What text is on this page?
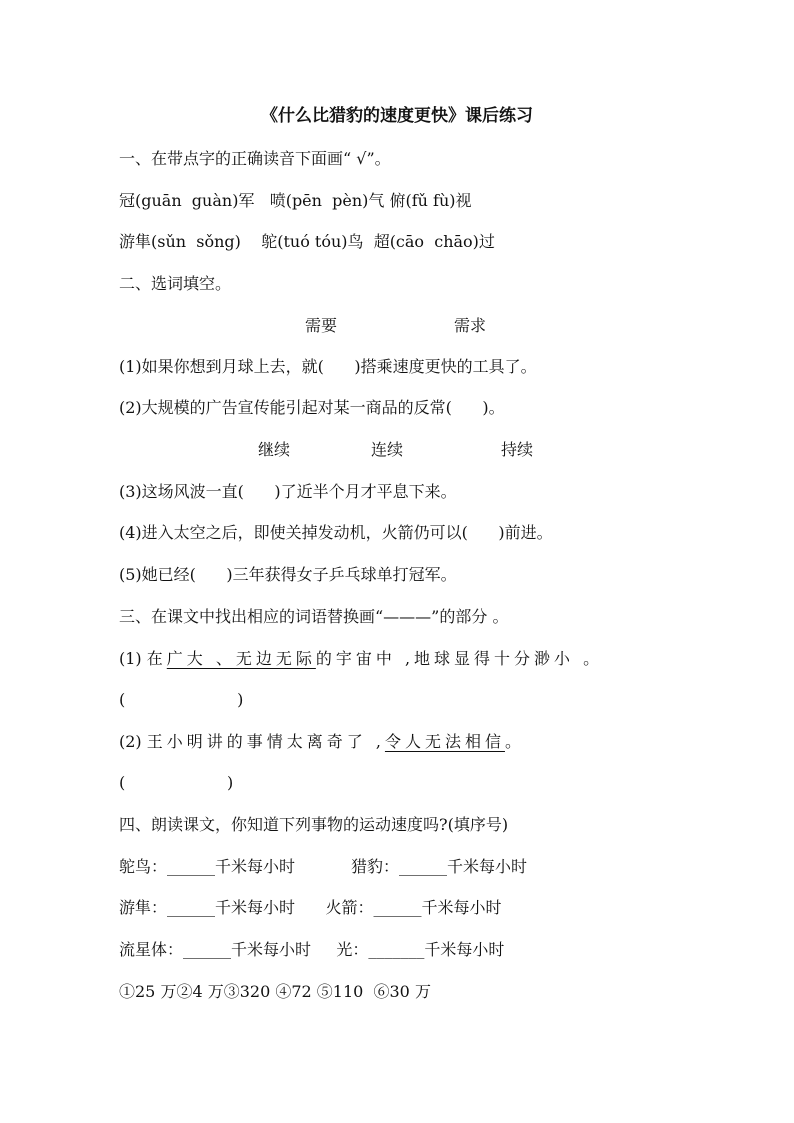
《什么比猎豹的速度更快》课后练习
一、在带点字的正确读音下面画“ √”。
冠(guān  guàn)军   喷(pēn  pèn)气 俯(fǔ fù)视
游隼(sǔn  sǒng)    鸵(tuó tóu)鸟  超(cāo  chāo)过
二、选词填空。
需要	需求
(1)如果你想到月球上去，就(      )搭乘速度更快的工具了。
(2)大规模的广告宣传能引起对某一商品的反常(      )。
继续	连续	持续
(3)这场风波一直(      )了近半个月才平息下来。
(4)进入太空之后，即使关掉发动机，火箭仍可以(      )前进。
(5)她已经(      )三年获得女子乒乓球单打冠军。
三、在课文中找出相应的词语替换画“———”的部分 。
(1) 在广大 、无边无际的宇宙中 ,地球显得十分渺小 。
(                      )
(2) 王小明讲的事情太离奇了 ,令人无法相信。
(                    )
四、朗读课文，你知道下列事物的运动速度吗?(填序号)
鸵鸟：______千米每小时           猎豹：______千米每小时
游隼：______千米每小时      火箭：______千米每小时
流星体：______千米每小时     光：_______千米每小时
①25 万②4 万③320 ④72 ⑤110  ⑥30 万
